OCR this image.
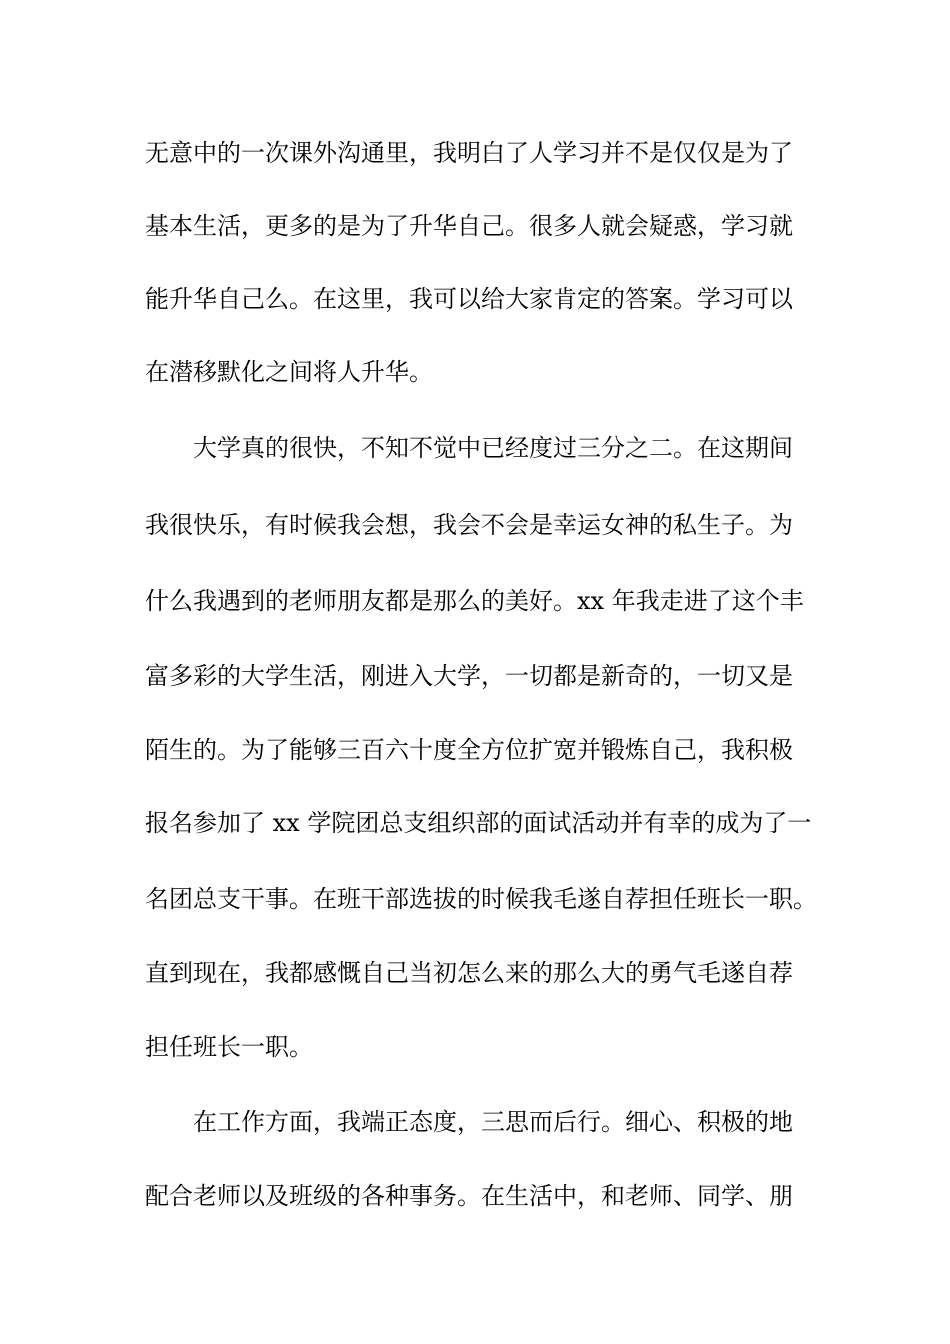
无意中的一次课外沟通里，我明白了人学习并不是仅仅是为了
基本生活，更多的是为了升华自己。很多人就会疑惑，学习就
能升华自己么。在这里，我可以给大家肯定的答案。学习可以
在潜移默化之间将人升华。
大学真的很快，不知不觉中已经度过三分之二。在这期间
我很快乐，有时候我会想，我会不会是幸运女神的私生子。为
什么我遇到的老师朋友都是那么的美好。xx 年我走进了这个丰
富多彩的大学生活，刚进入大学，一切都是新奇的，一切又是
陌生的。为了能够三百六十度全方位扩宽并锻炼自己，我积极
报名参加了 xx 学院团总支组织部的面试活动并有幸的成为了一
名团总支干事。在班干部选拔的时候我毛遂自荐担任班长一职。
直到现在，我都感慨自己当初怎么来的那么大的勇气毛遂自荐
担任班长一职。
在工作方面，我端正态度，三思而后行。细心、积极的地
配合老师以及班级的各种事务。在生活中，和老师、同学、朋
